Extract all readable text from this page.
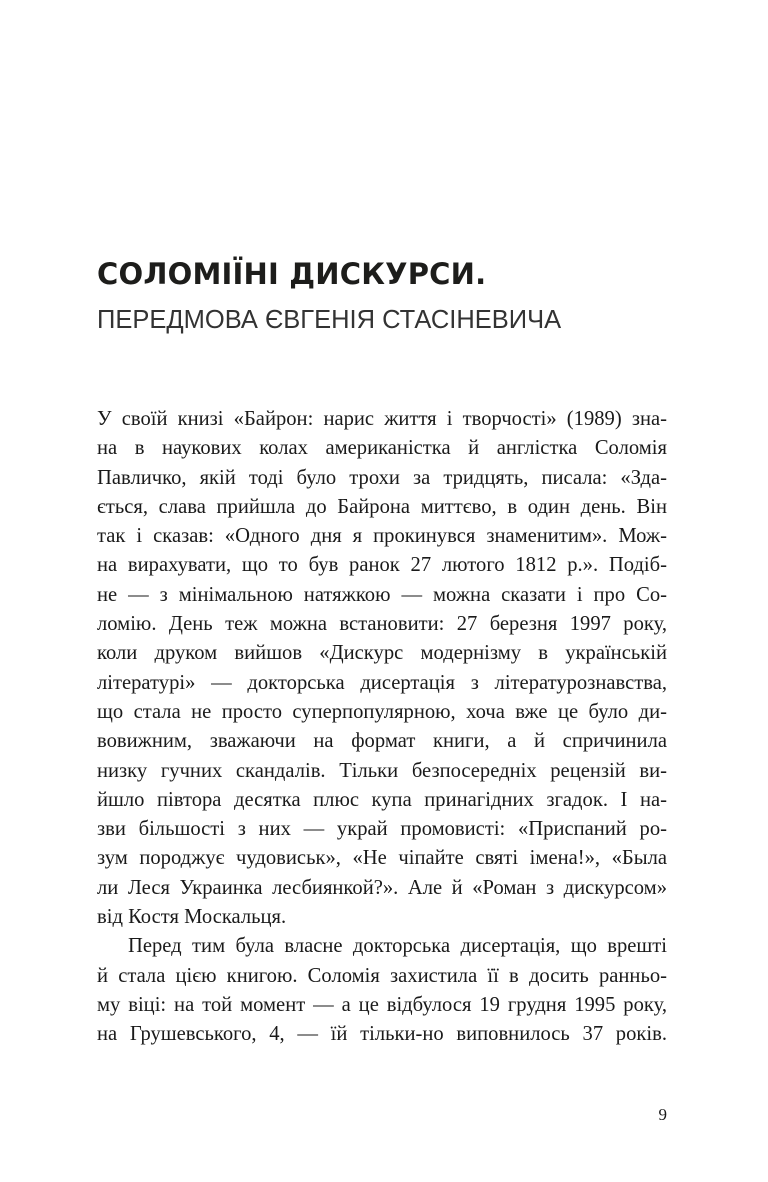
СОЛОМІЇНІ ДИСКУРСИ.
ПЕРЕДМОВА ЄВГЕНІЯ СТАСІНЕВИЧА
У своїй книзі «Байрон: нарис життя і творчості» (1989) зна-
на в наукових колах американістка й англістка Соломія
Павличко, якій тоді було трохи за тридцять, писала: «Зда-
ється, слава прийшла до Байрона миттєво, в один день. Він
так і сказав: «Одного дня я прокинувся знаменитим». Мож-
на вирахувати, що то був ранок 27 лютого 1812 р.». Подіб-
не — з мінімальною натяжкою — можна сказати і про Со-
ломію. День теж можна встановити: 27 березня 1997 року,
коли друком вийшов «Дискурс модернізму в українській
літературі» — докторська дисертація з літературознавства,
що стала не просто суперпопулярною, хоча вже це було ди-
вовижним, зважаючи на формат книги, а й спричинила
низку гучних скандалів. Тільки безпосередніх рецензій ви-
йшло півтора десятка плюс купа принагідних згадок. І на-
зви більшості з них — украй промовисті: «Приспаний ро-
зум породжує чудовиськ», «Не чіпайте святі імена!», «Была
ли Леся Украинка лесбиянкой?». Але й «Роман з дискурсом»
від Костя Москальця.
Перед тим була власне докторська дисертація, що врешті
й стала цією книгою. Соломія захистила її в досить ранньо-
му віці: на той момент — а це відбулося 19 грудня 1995 року,
на Грушевського, 4, — їй тільки-но виповнилось 37 років.
9
